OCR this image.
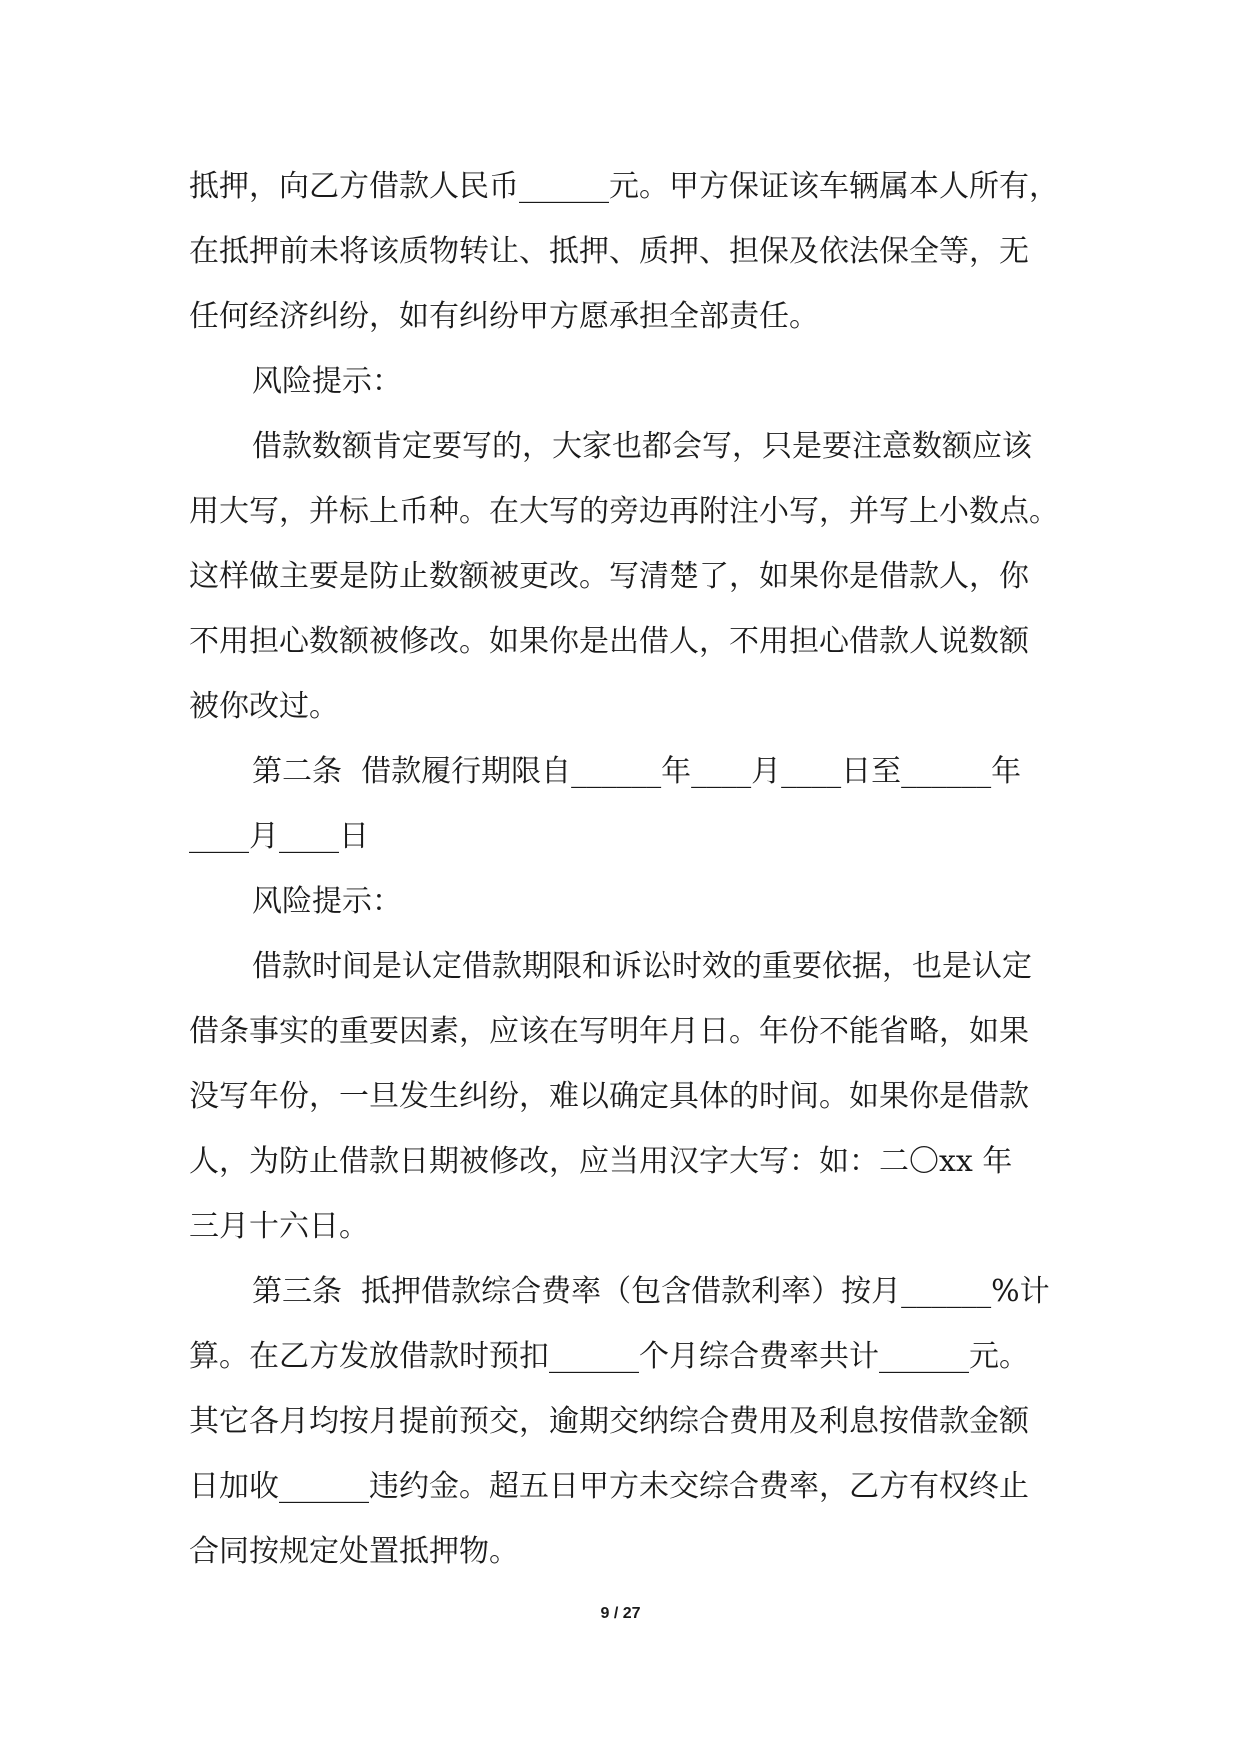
抵押，向乙方借款人民币______元。甲方保证该车辆属本人所有，
在抵押前未将该质物转让、抵押、质押、担保及依法保全等，无
任何经济纠纷，如有纠纷甲方愿承担全部责任。
风险提示：
借款数额肯定要写的，大家也都会写，只是要注意数额应该
用大写，并标上币种。在大写的旁边再附注小写，并写上小数点。
这样做主要是防止数额被更改。写清楚了，如果你是借款人，你
不用担心数额被修改。如果你是出借人，不用担心借款人说数额
被你改过。
第二条  借款履行期限自______年____月____日至______年
____月____日
风险提示：
借款时间是认定借款期限和诉讼时效的重要依据，也是认定
借条事实的重要因素，应该在写明年月日。年份不能省略，如果
没写年份，一旦发生纠纷，难以确定具体的时间。如果你是借款
人，为防止借款日期被修改，应当用汉字大写：如：二〇xx 年
三月十六日。
第三条  抵押借款综合费率（包含借款利率）按月______%计
算。在乙方发放借款时预扣______个月综合费率共计______元。
其它各月均按月提前预交，逾期交纳综合费用及利息按借款金额
日加收______违约金。超五日甲方未交综合费率，乙方有权终止
合同按规定处置抵押物。
9 / 27
